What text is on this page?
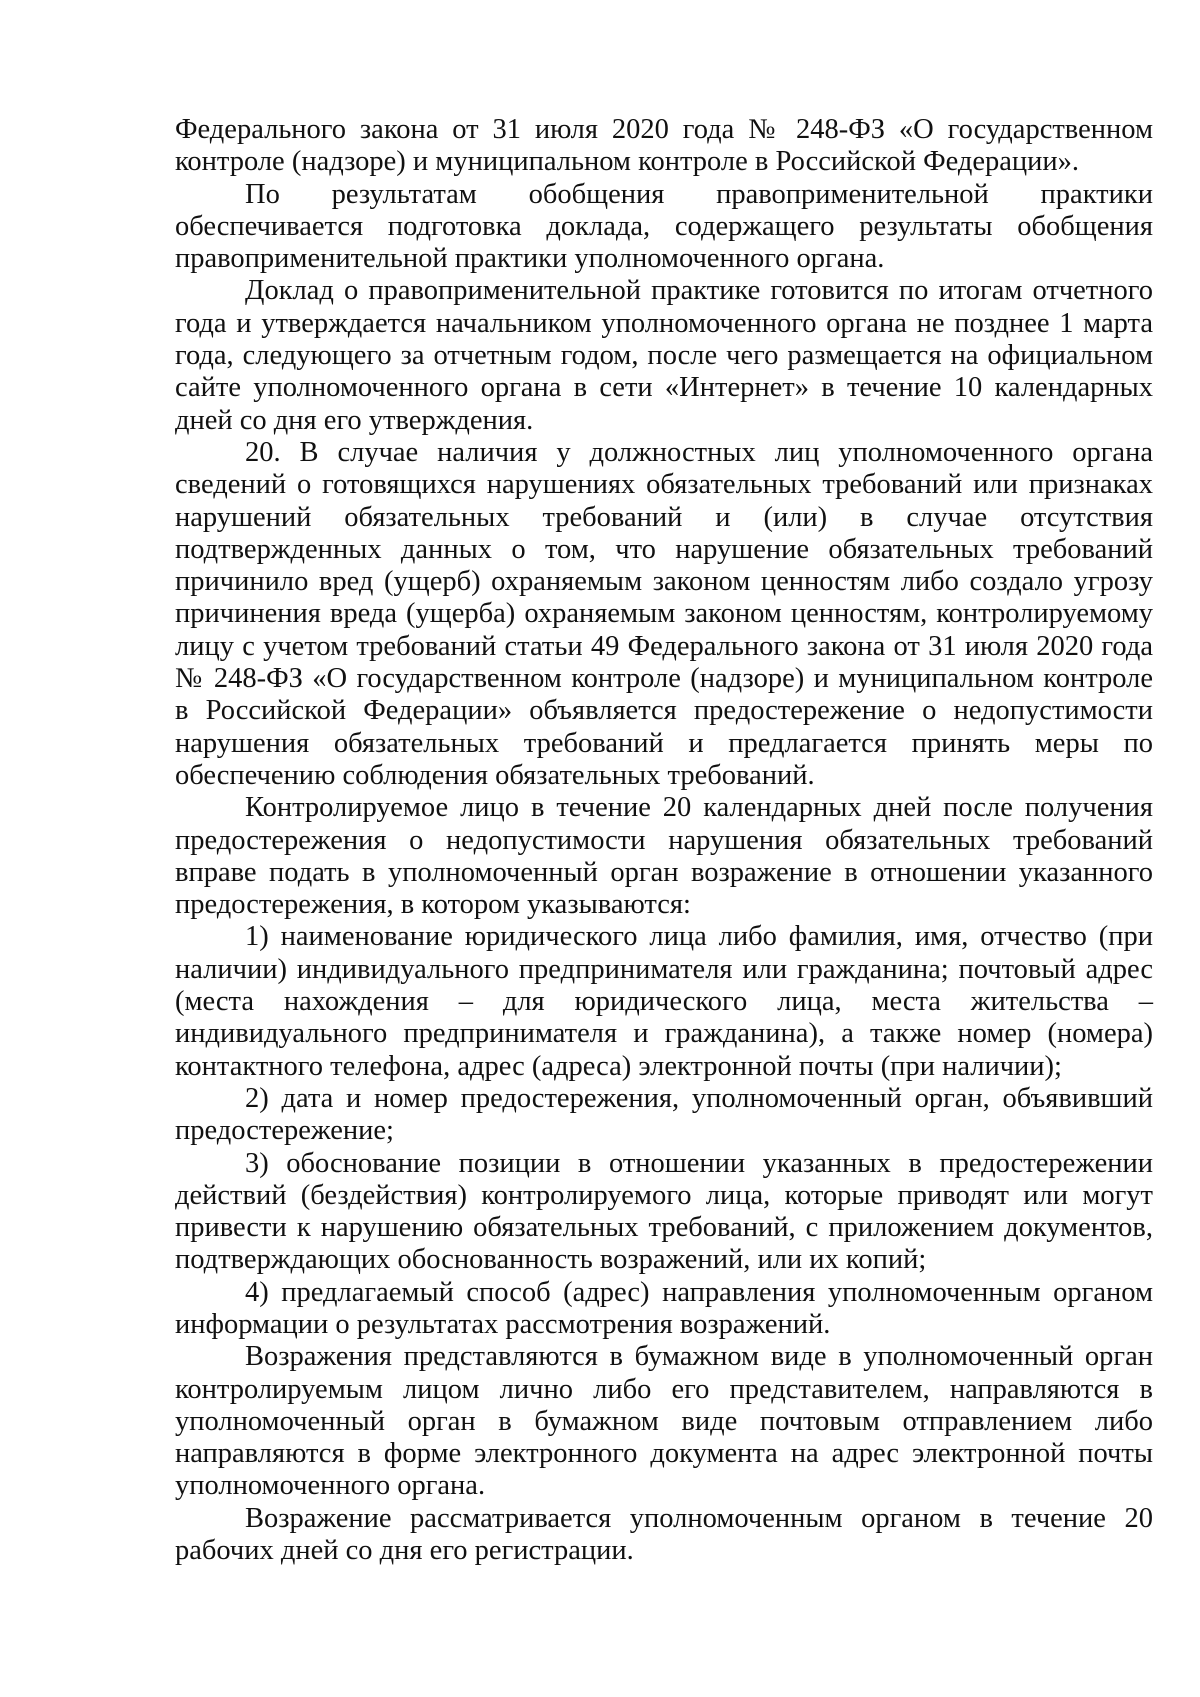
Федерального закона от 31 июля 2020 года № 248-ФЗ «О государственном контроле (надзоре) и муниципальном контроле в Российской Федерации».

По результатам обобщения правоприменительной практики обеспечивается подготовка доклада, содержащего результаты обобщения правоприменительной практики уполномоченного органа.

Доклад о правоприменительной практике готовится по итогам отчетного года и утверждается начальником уполномоченного органа не позднее 1 марта года, следующего за отчетным годом, после чего размещается на официальном сайте уполномоченного органа в сети «Интернет» в течение 10 календарных дней со дня его утверждения.

20. В случае наличия у должностных лиц уполномоченного органа сведений о готовящихся нарушениях обязательных требований или признаках нарушений обязательных требований и (или) в случае отсутствия подтвержденных данных о том, что нарушение обязательных требований причинило вред (ущерб) охраняемым законом ценностям либо создало угрозу причинения вреда (ущерба) охраняемым законом ценностям, контролируемому лицу с учетом требований статьи 49 Федерального закона от 31 июля 2020 года № 248-ФЗ «О государственном контроле (надзоре) и муниципальном контроле в Российской Федерации» объявляется предостережение о недопустимости нарушения обязательных требований и предлагается принять меры по обеспечению соблюдения обязательных требований.

Контролируемое лицо в течение 20 календарных дней после получения предостережения о недопустимости нарушения обязательных требований вправе подать в уполномоченный орган возражение в отношении указанного предостережения, в котором указываются:

1) наименование юридического лица либо фамилия, имя, отчество (при наличии) индивидуального предпринимателя или гражданина; почтовый адрес (места нахождения – для юридического лица, места жительства – индивидуального предпринимателя и гражданина), а также номер (номера) контактного телефона, адрес (адреса) электронной почты (при наличии);

2) дата и номер предостережения, уполномоченный орган, объявивший предостережение;

3) обоснование позиции в отношении указанных в предостережении действий (бездействия) контролируемого лица, которые приводят или могут привести к нарушению обязательных требований, с приложением документов, подтверждающих обоснованность возражений, или их копий;

4) предлагаемый способ (адрес) направления уполномоченным органом информации о результатах рассмотрения возражений.

Возражения представляются в бумажном виде в уполномоченный орган контролируемым лицом лично либо его представителем, направляются в уполномоченный орган в бумажном виде почтовым отправлением либо направляются в форме электронного документа на адрес электронной почты уполномоченного органа.

Возражение рассматривается уполномоченным органом в течение 20 рабочих дней со дня его регистрации.
